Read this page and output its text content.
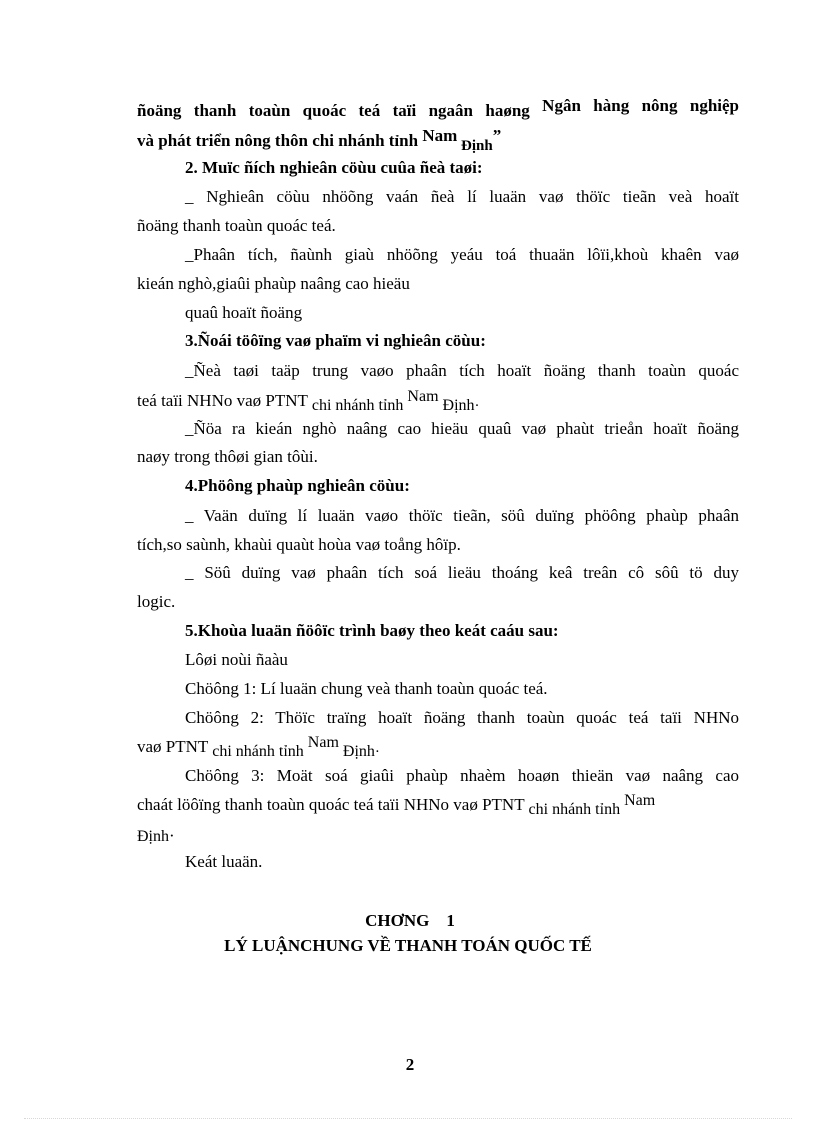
ñoäng thanh toaùn quoác teá taïi ngaân haøng Ngân hàng nông nghiệp
và phát triển nông thôn chi nhánh tỉnh Nam Định”
2. Muïc ñích nghieân cöùu cuûa ñeà taøi:
_ Nghieân cöùu nhöõng vaán ñeà lí luaän vaø thöïc tieãn veà hoaït
ñoäng thanh toaùn quoác teá.
_Phaân tích, ñaùnh giaù nhöõng yeáu toá thuaän lôïi,khoù khaên vaø
kieán nghò,giaûi phaùp naâng cao hieäu
quaû hoaït ñoäng
3.Ñoái töôïng vaø phaïm vi nghieân cöùu:
_Ñeà taøi taäp trung vaøo phaân tích hoaït ñoäng thanh toaùn quoác
teá taïi NHNo vaø PTNT chi nhánh tỉnh Nam Định·
_Ñöa ra kieán nghò naâng cao hieäu quaû vaø phaùt trieån hoaït ñoäng
naøy trong thôøi gian tôùi.
4.Phöông phaùp nghieân cöùu:
_ Vaän duïng lí luaän vaøo thöïc tieãn, söû duïng phöông phaùp phaân
tích,so saùnh, khaùi quaùt hoùa vaø toång hôïp.
_ Söû duïng vaø phaân tích soá lieäu thoáng keâ treân cô sôû tö duy
logic.
5.Khoùa luaän ñöôïc trình baøy theo keát caáu sau:
Lôøi noùi ñaàu
Chöông 1: Lí luaän chung veà thanh toaùn quoác teá.
Chöông 2: Thöïc traïng hoaït ñoäng thanh toaùn quoác teá taïi NHNo
vaø PTNT chi nhánh tỉnh Nam Định·
Chöông 3: Moät soá giaûi phaùp nhaèm hoaøn thieän vaø naâng cao
chaát löôïng thanh toaùn quoác teá taïi NHNo vaø PTNT chi nhánh tỉnh Nam
Định·
Keát luaän.
CHƠNG    1
LÝ LUẬNCHUNG VỀ THANH TOÁN QUỐC TẾ
2
